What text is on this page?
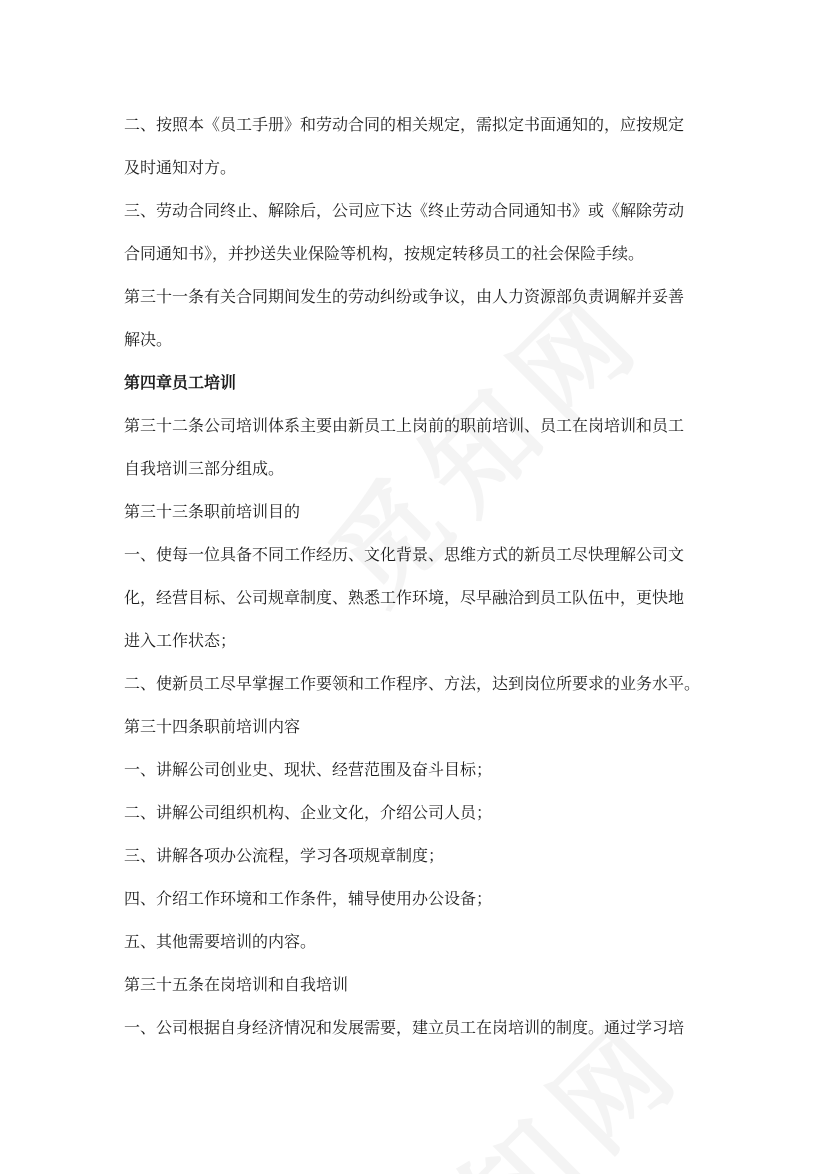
二、按照本《员工手册》和劳动合同的相关规定，需拟定书面通知的，应按规定
及时通知对方。
三、劳动合同终止、解除后，公司应下达《终止劳动合同通知书》或《解除劳动
合同通知书》，并抄送失业保险等机构，按规定转移员工的社会保险手续。
第三十一条有关合同期间发生的劳动纠纷或争议，由人力资源部负责调解并妥善
解决。
第四章员工培训
第三十二条公司培训体系主要由新员工上岗前的职前培训、员工在岗培训和员工
自我培训三部分组成。
第三十三条职前培训目的
一、使每一位具备不同工作经历、文化背景、思维方式的新员工尽快理解公司文
化，经营目标、公司规章制度、熟悉工作环境，尽早融洽到员工队伍中，更快地
进入工作状态；
二、使新员工尽早掌握工作要领和工作程序、方法，达到岗位所要求的业务水平。
第三十四条职前培训内容
一、讲解公司创业史、现状、经营范围及奋斗目标；
二、讲解公司组织机构、企业文化，介绍公司人员；
三、讲解各项办公流程，学习各项规章制度；
四、介绍工作环境和工作条件，辅导使用办公设备；
五、其他需要培训的内容。
第三十五条在岗培训和自我培训
一、公司根据自身经济情况和发展需要，建立员工在岗培训的制度。通过学习培
